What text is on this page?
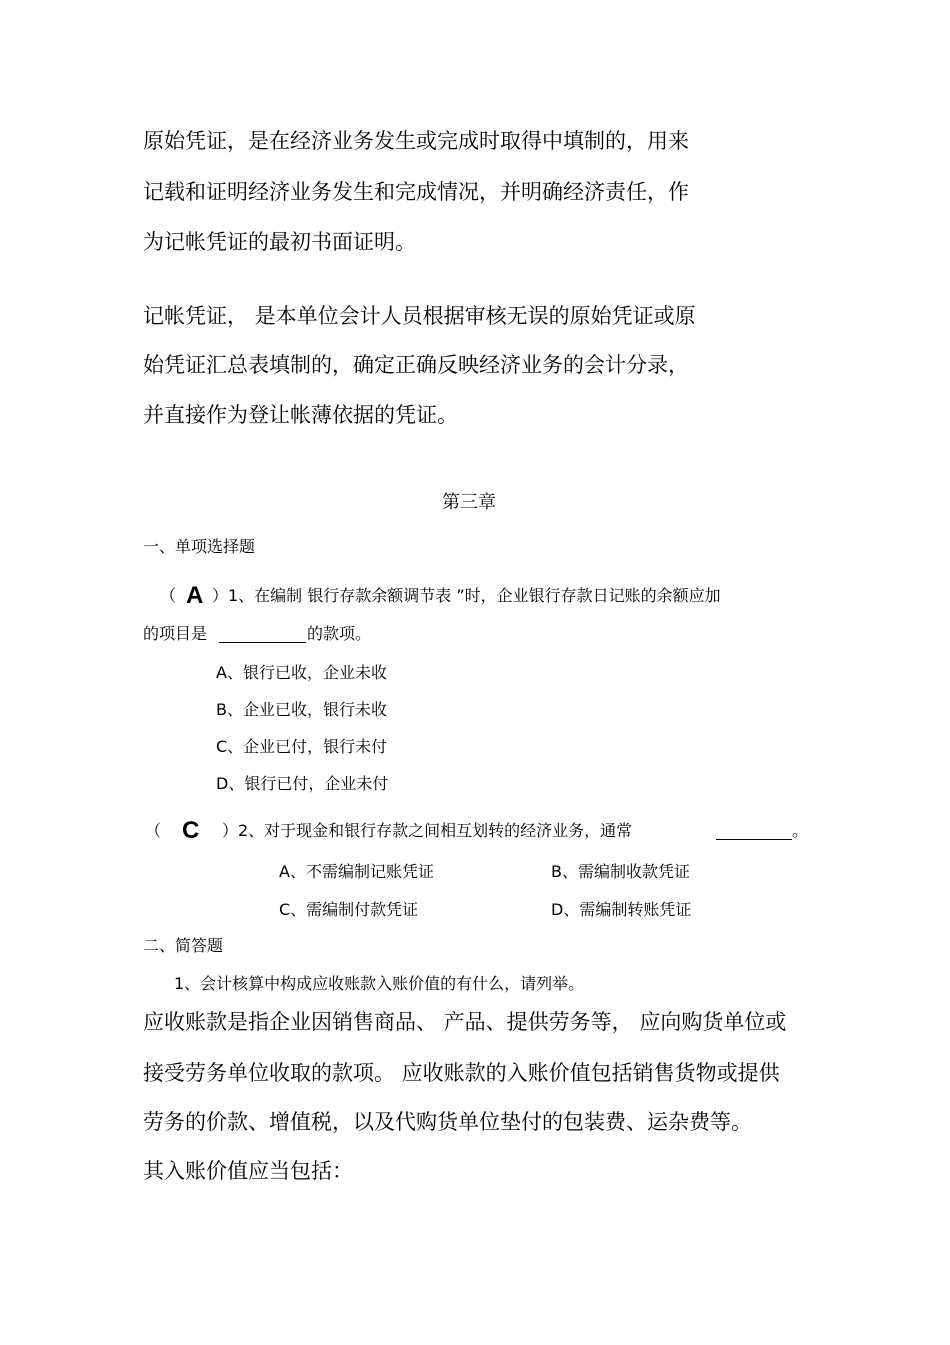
原始凭证，是在经济业务发生或完成时取得中填制的，用来
记载和证明经济业务发生和完成情况，并明确经济责任，作
为记帐凭证的最初书面证明。
记帐凭证， 是本单位会计人员根据审核无误的原始凭证或原
始凭证汇总表填制的，确定正确反映经济业务的会计分录，
并直接作为登让帐薄依据的凭证。
第三章
一、单项选择题
（ A ）1、在编制 银行存款余额调节表 ”时，企业银行存款日记账的余额应加
的项目是	的款项。
A、银行已收，企业未收
B、企业已收，银行未收
C、企业已付，银行未付
D、银行已付，企业未付
（ C ）2、对于现金和银行存款之间相互划转的经济业务，通常	。
A、不需编制记账凭证	B、需编制收款凭证
C、需编制付款凭证	D、需编制转账凭证
二、简答题
1、会计核算中构成应收账款入账价值的有什么，请列举。
应收账款是指企业因销售商品、 产品、提供劳务等， 应向购货单位或
接受劳务单位收取的款项。 应收账款的入账价值包括销售货物或提供
劳务的价款、增值税，以及代购货单位垫付的包装费、运杂费等。
其入账价值应当包括：
